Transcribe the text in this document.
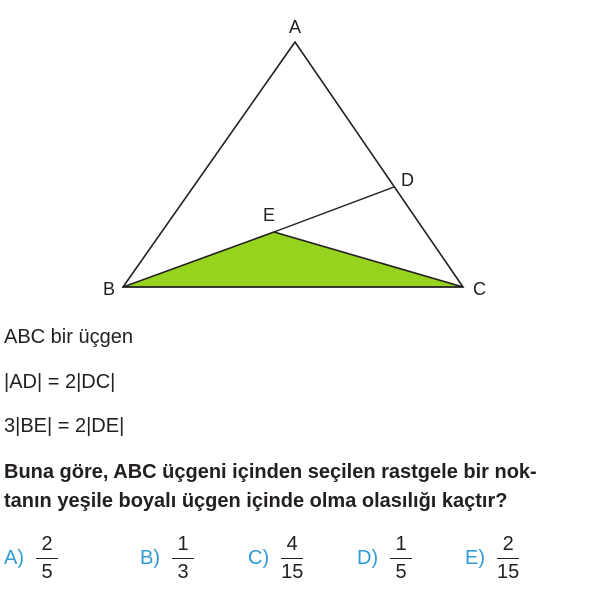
A
B	C
D
E
ABC bir üçgen
|AD| = 2|DC|
3|BE| = 2|DE|
Buna göre, ABC üçgeni içinden seçilen rastgele bir nok-
tanın yeşile boyalı üçgen içinde olma olasılığı kaçtır?
$A) \frac{2}{5}$	$B) \frac{1}{3}$	$C) \frac{4}{15}$	$D) \frac{1}{5}$	$E) \frac{2}{15}$
